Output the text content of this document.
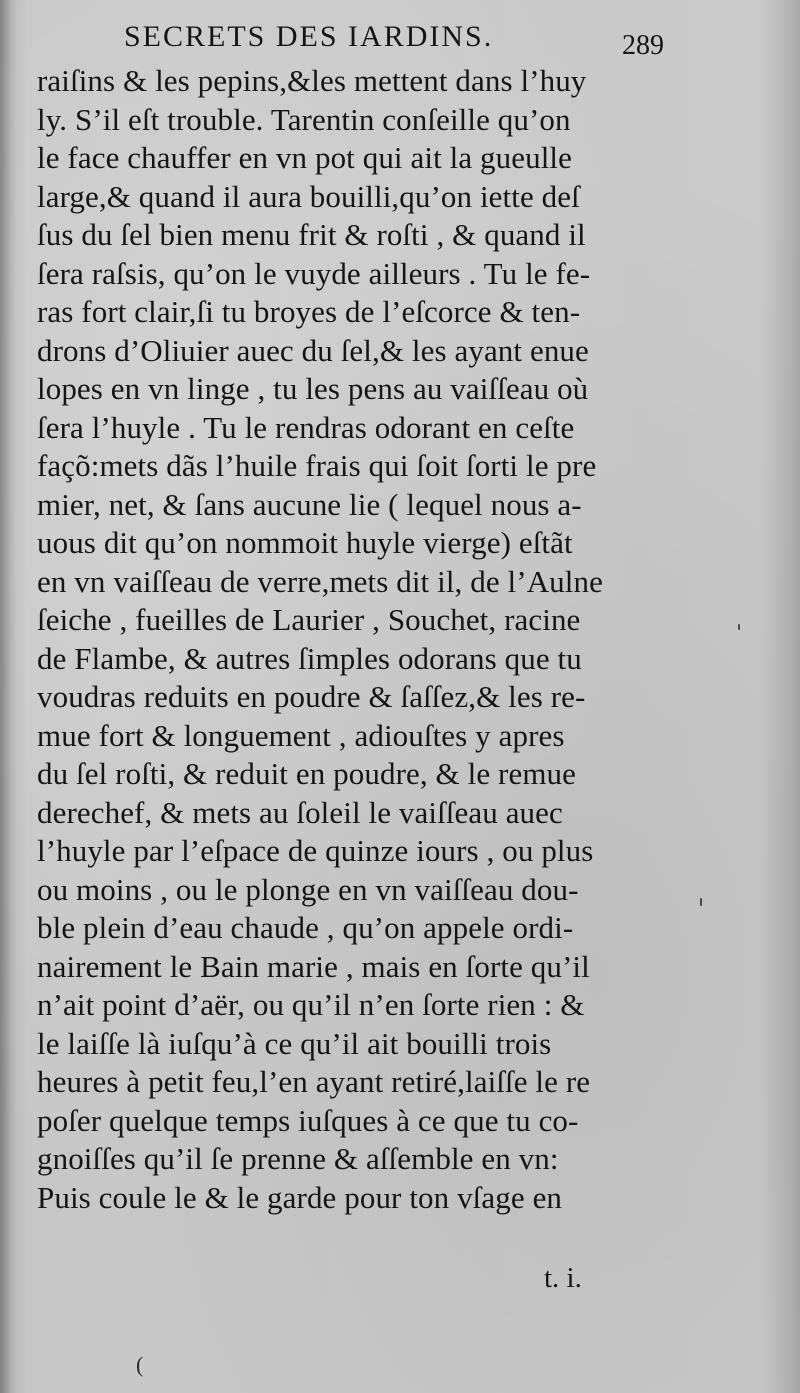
SECRETS DES IARDINS.	289
raiſins & les pepins,&les mettent dans l’huy
ly. S’il eſt trouble. Tarentin conſeille qu’on
le face chauffer en vn pot qui ait la gueulle
large,& quand il aura bouilli,qu’on iette deſ
ſus du ſel bien menu frit & roſti , & quand il
ſera raſsis, qu’on le vuyde ailleurs . Tu le fe-
ras fort clair,ſi tu broyes de l’eſcorce & ten-
drons d’Oliuier auec du ſel,& les ayant enue
lopes en vn linge , tu les pens au vaiſſeau où
ſera l’huyle . Tu le rendras odorant en ceſte
façõ:mets dãs l’huile frais qui ſoit ſorti le pre
mier, net, & ſans aucune lie ( lequel nous a-
uous dit qu’on nommoit huyle vierge) eſtãt
en vn vaiſſeau de verre,mets dit il, de l’Aulne
ſeiche , fueilles de Laurier , Souchet, racine
de Flambe, & autres ſimples odorans que tu
voudras reduits en poudre & ſaſſez,& les re-
mue fort & longuement , adiouſtes y apres
du ſel roſti, & reduit en poudre, & le remue
derechef, & mets au ſoleil le vaiſſeau auec
l’huyle par l’eſpace de quinze iours , ou plus
ou moins , ou le plonge en vn vaiſſeau dou-
ble plein d’eau chaude , qu’on appele ordi-
nairement le Bain marie , mais en ſorte qu’il
n’ait point d’aër, ou qu’il n’en ſorte rien : &
le laiſſe là iuſqu’à ce qu’il ait bouilli trois
heures à petit feu,l’en ayant retiré,laiſſe le re
poſer quelque temps iuſques à ce que tu co-
gnoiſſes qu’il ſe prenne & aſſemble en vn:
Puis coule le & le garde pour ton vſage en
t. i.
(
